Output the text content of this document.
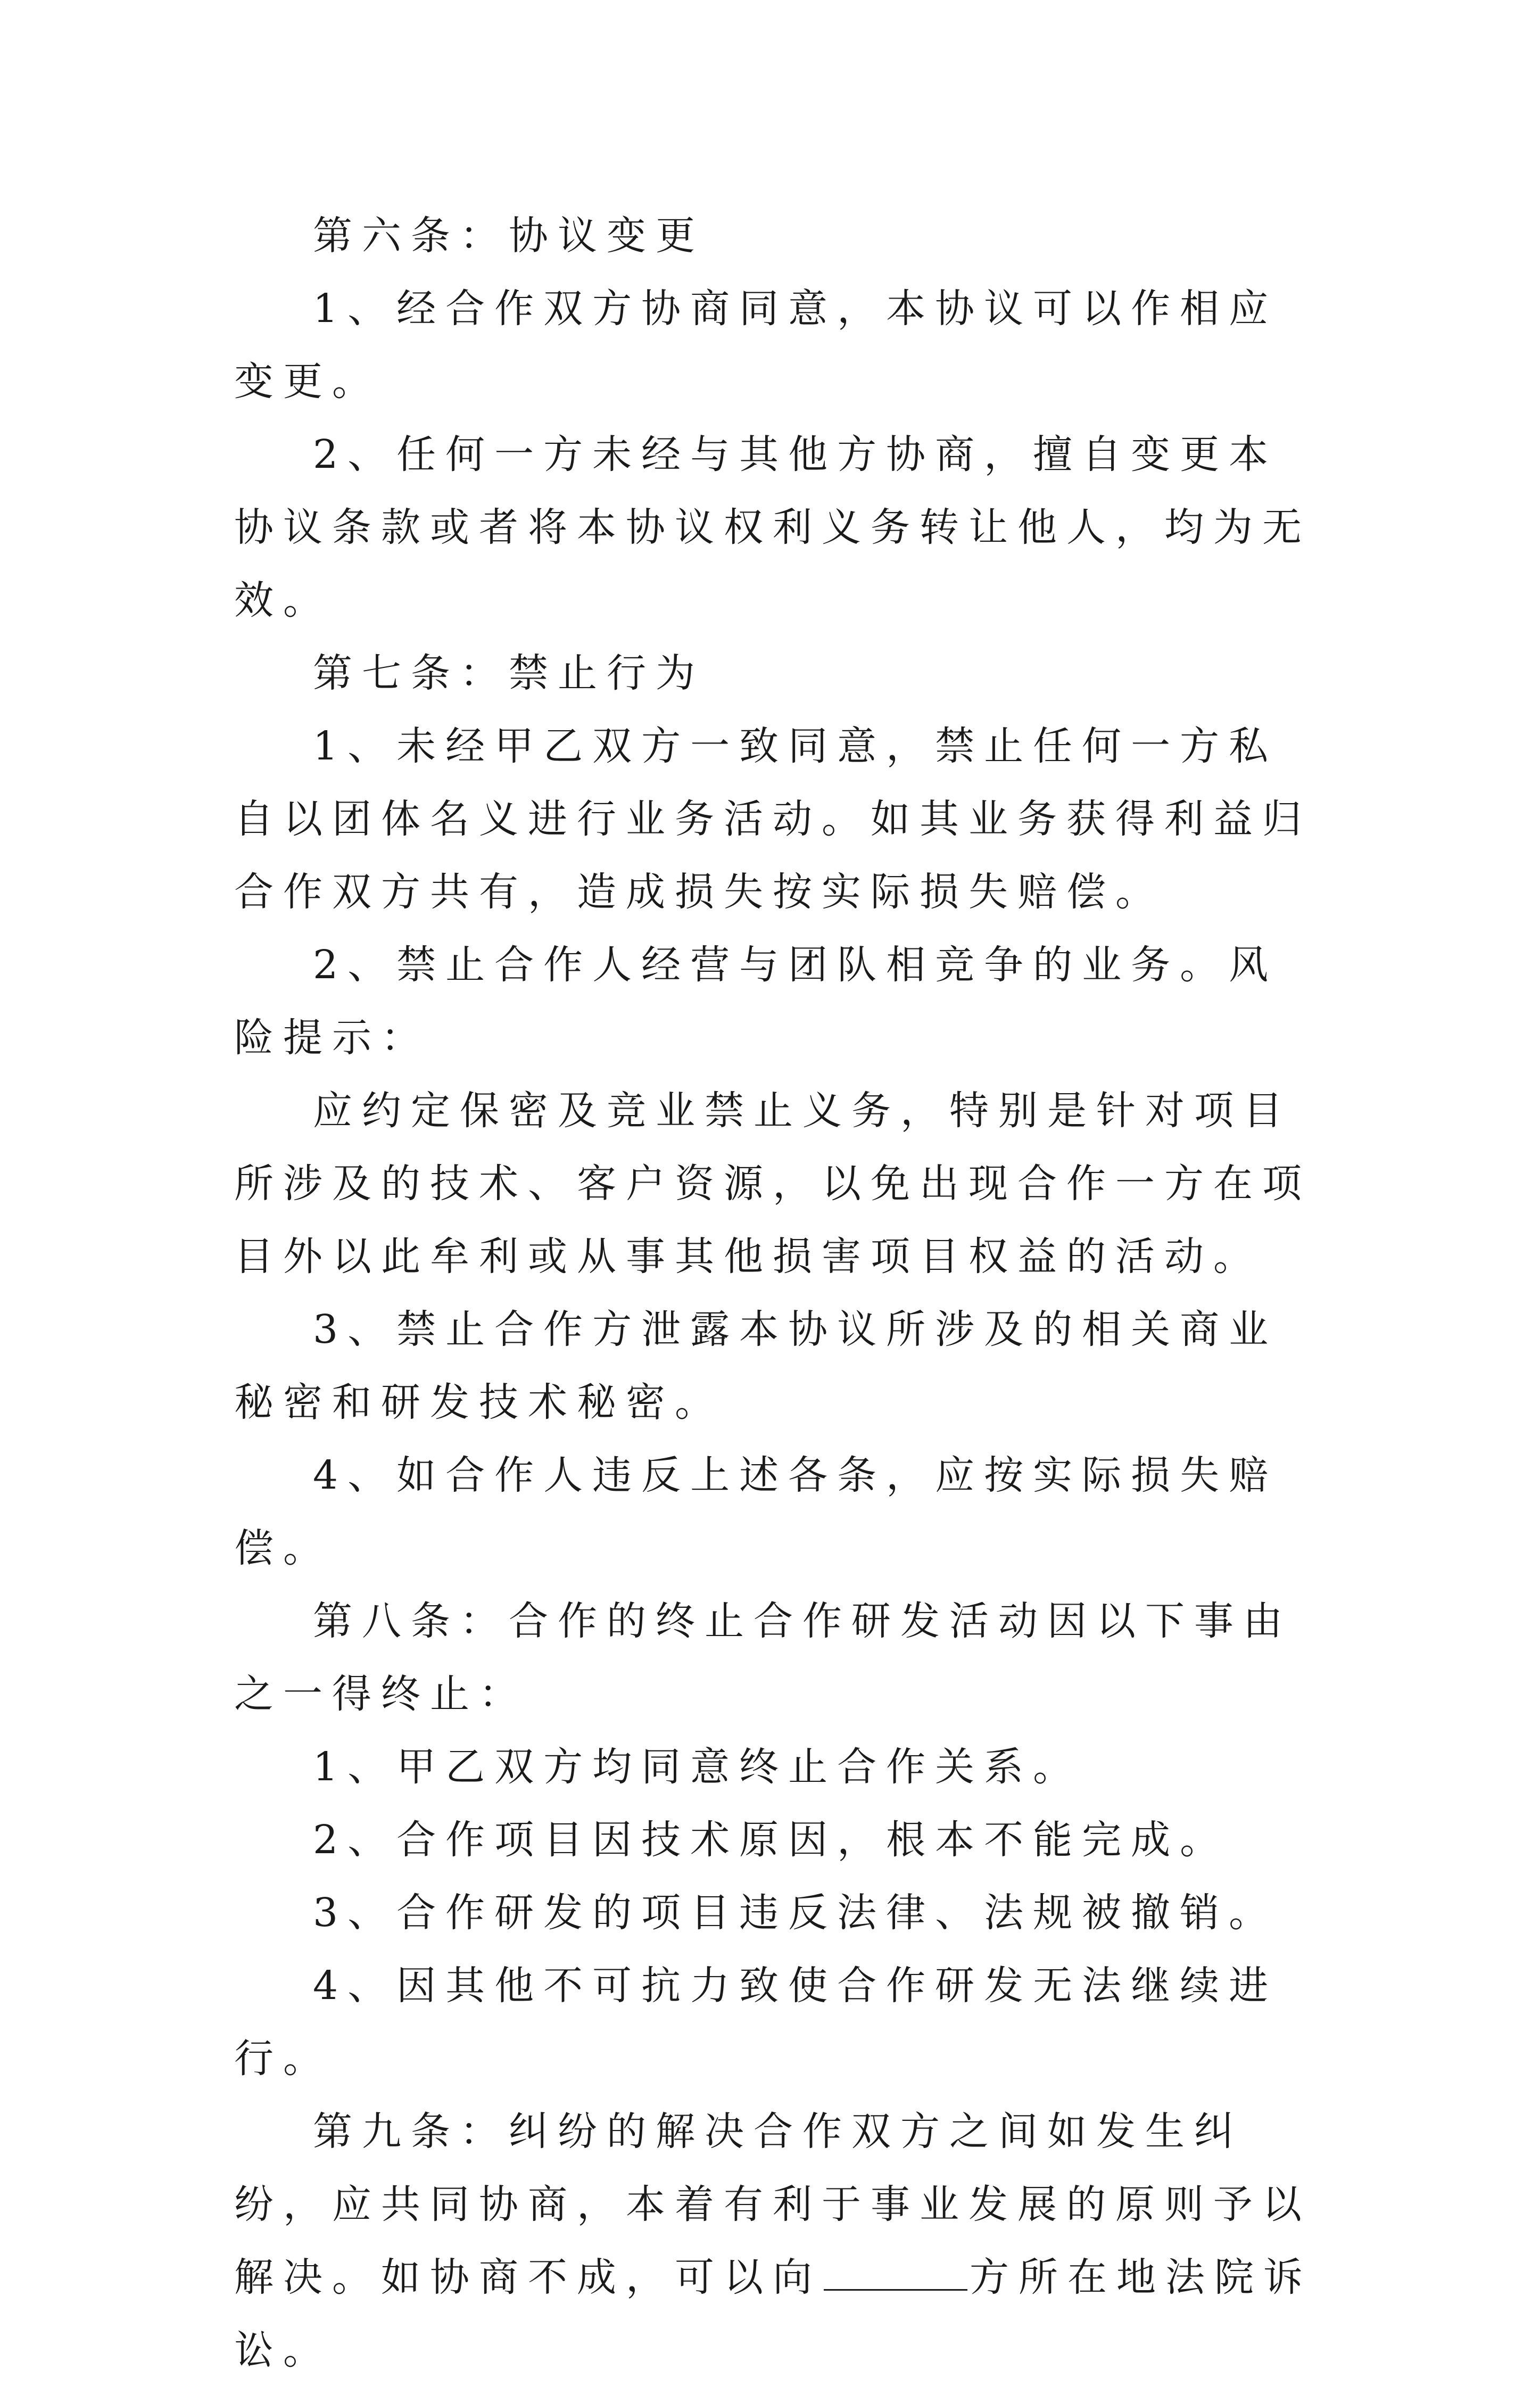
第六条：协议变更

1、经合作双方协商同意，本协议可以作相应变更。

2、任何一方未经与其他方协商，擅自变更本协议条款或者将本协议权利义务转让他人，均为无效。

第七条：禁止行为

1、未经甲乙双方一致同意，禁止任何一方私自以团体名义进行业务活动。如其业务获得利益归合作双方共有，造成损失按实际损失赔偿。

2、禁止合作人经营与团队相竞争的业务。风险提示：

应约定保密及竞业禁止义务，特别是针对项目所涉及的技术、客户资源，以免出现合作一方在项目外以此牟利或从事其他损害项目权益的活动。

3、禁止合作方泄露本协议所涉及的相关商业秘密和研发技术秘密。

4、如合作人违反上述各条，应按实际损失赔偿。

第八条：合作的终止合作研发活动因以下事由之一得终止：

1、甲乙双方均同意终止合作关系。

2、合作项目因技术原因，根本不能完成。

3、合作研发的项目违反法律、法规被撤销。

4、因其他不可抗力致使合作研发无法继续进行。

第九条：纠纷的解决合作双方之间如发生纠纷，应共同协商，本着有利于事业发展的原则予以解决。如协商不成，可以向	方所在地法院诉讼。
